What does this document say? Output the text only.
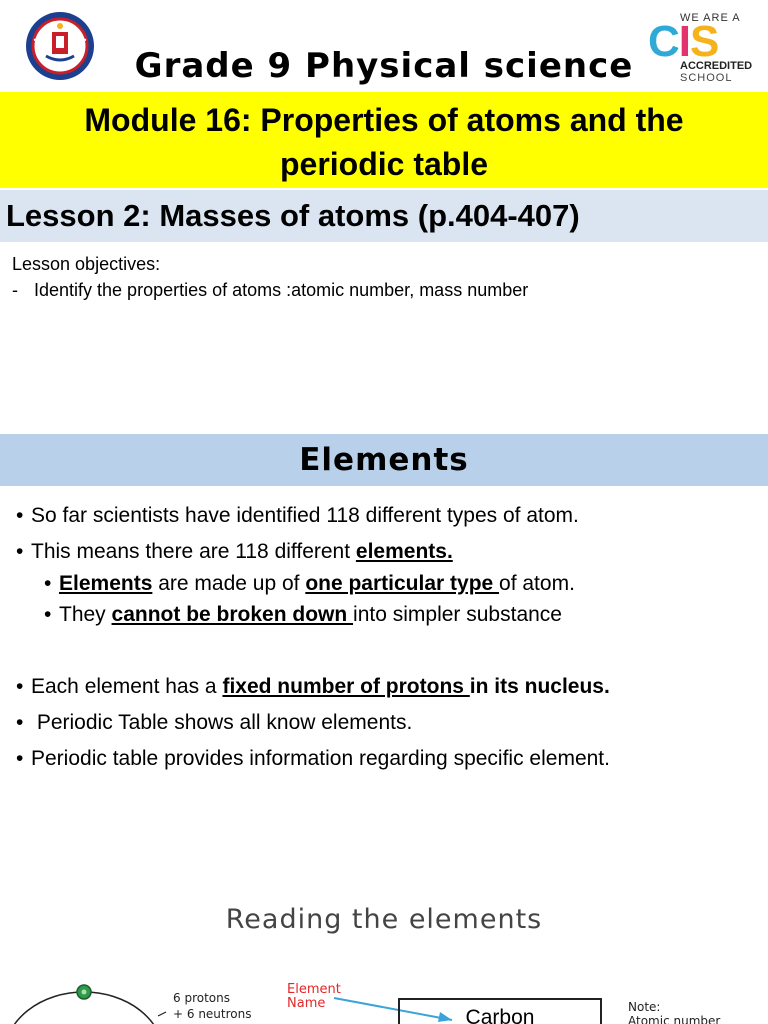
Grade 9 Physical science
WE ARE A
CIS
ACCREDITED
SCHOOL
Module 16: Properties of atoms and the
periodic table
Lesson 2: Masses of atoms (p.404-407)
Lesson objectives:
- Identify the properties of atoms :atomic number, mass number
Elements
• So far scientists have identified 118 different types of atom.
• This means there are 118 different elements.
• Elements are made up of one particular type of atom.
• They cannot be broken down into simpler substance
• Each element has a fixed number of protons in its nucleus.
• Periodic Table shows all know elements.
• Periodic table provides information regarding specific element.
Reading the elements
6 protons
+ 6 neutrons
Element
Name
Carbon	Note:
Atomic number
